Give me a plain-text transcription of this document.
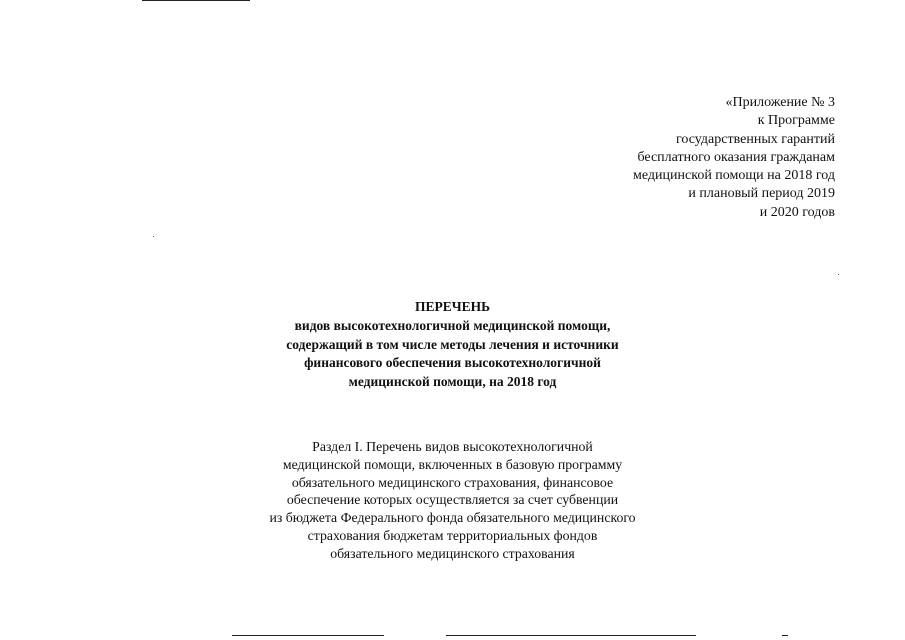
«Приложение № 3
к Программе
государственных гарантий
бесплатного оказания гражданам
медицинской помощи на 2018 год
и плановый период 2019
и 2020 годов
ПЕРЕЧЕНЬ
видов высокотехнологичной медицинской помощи,
содержащий в том числе методы лечения и источники
финансового обеспечения высокотехнологичной
медицинской помощи, на 2018 год
Раздел I. Перечень видов высокотехнологичной
медицинской помощи, включенных в базовую программу
обязательного медицинского страхования, финансовое
обеспечение которых осуществляется за счет субвенции
из бюджета Федерального фонда обязательного медицинского
страхования бюджетам территориальных фондов
обязательного медицинского страхования
